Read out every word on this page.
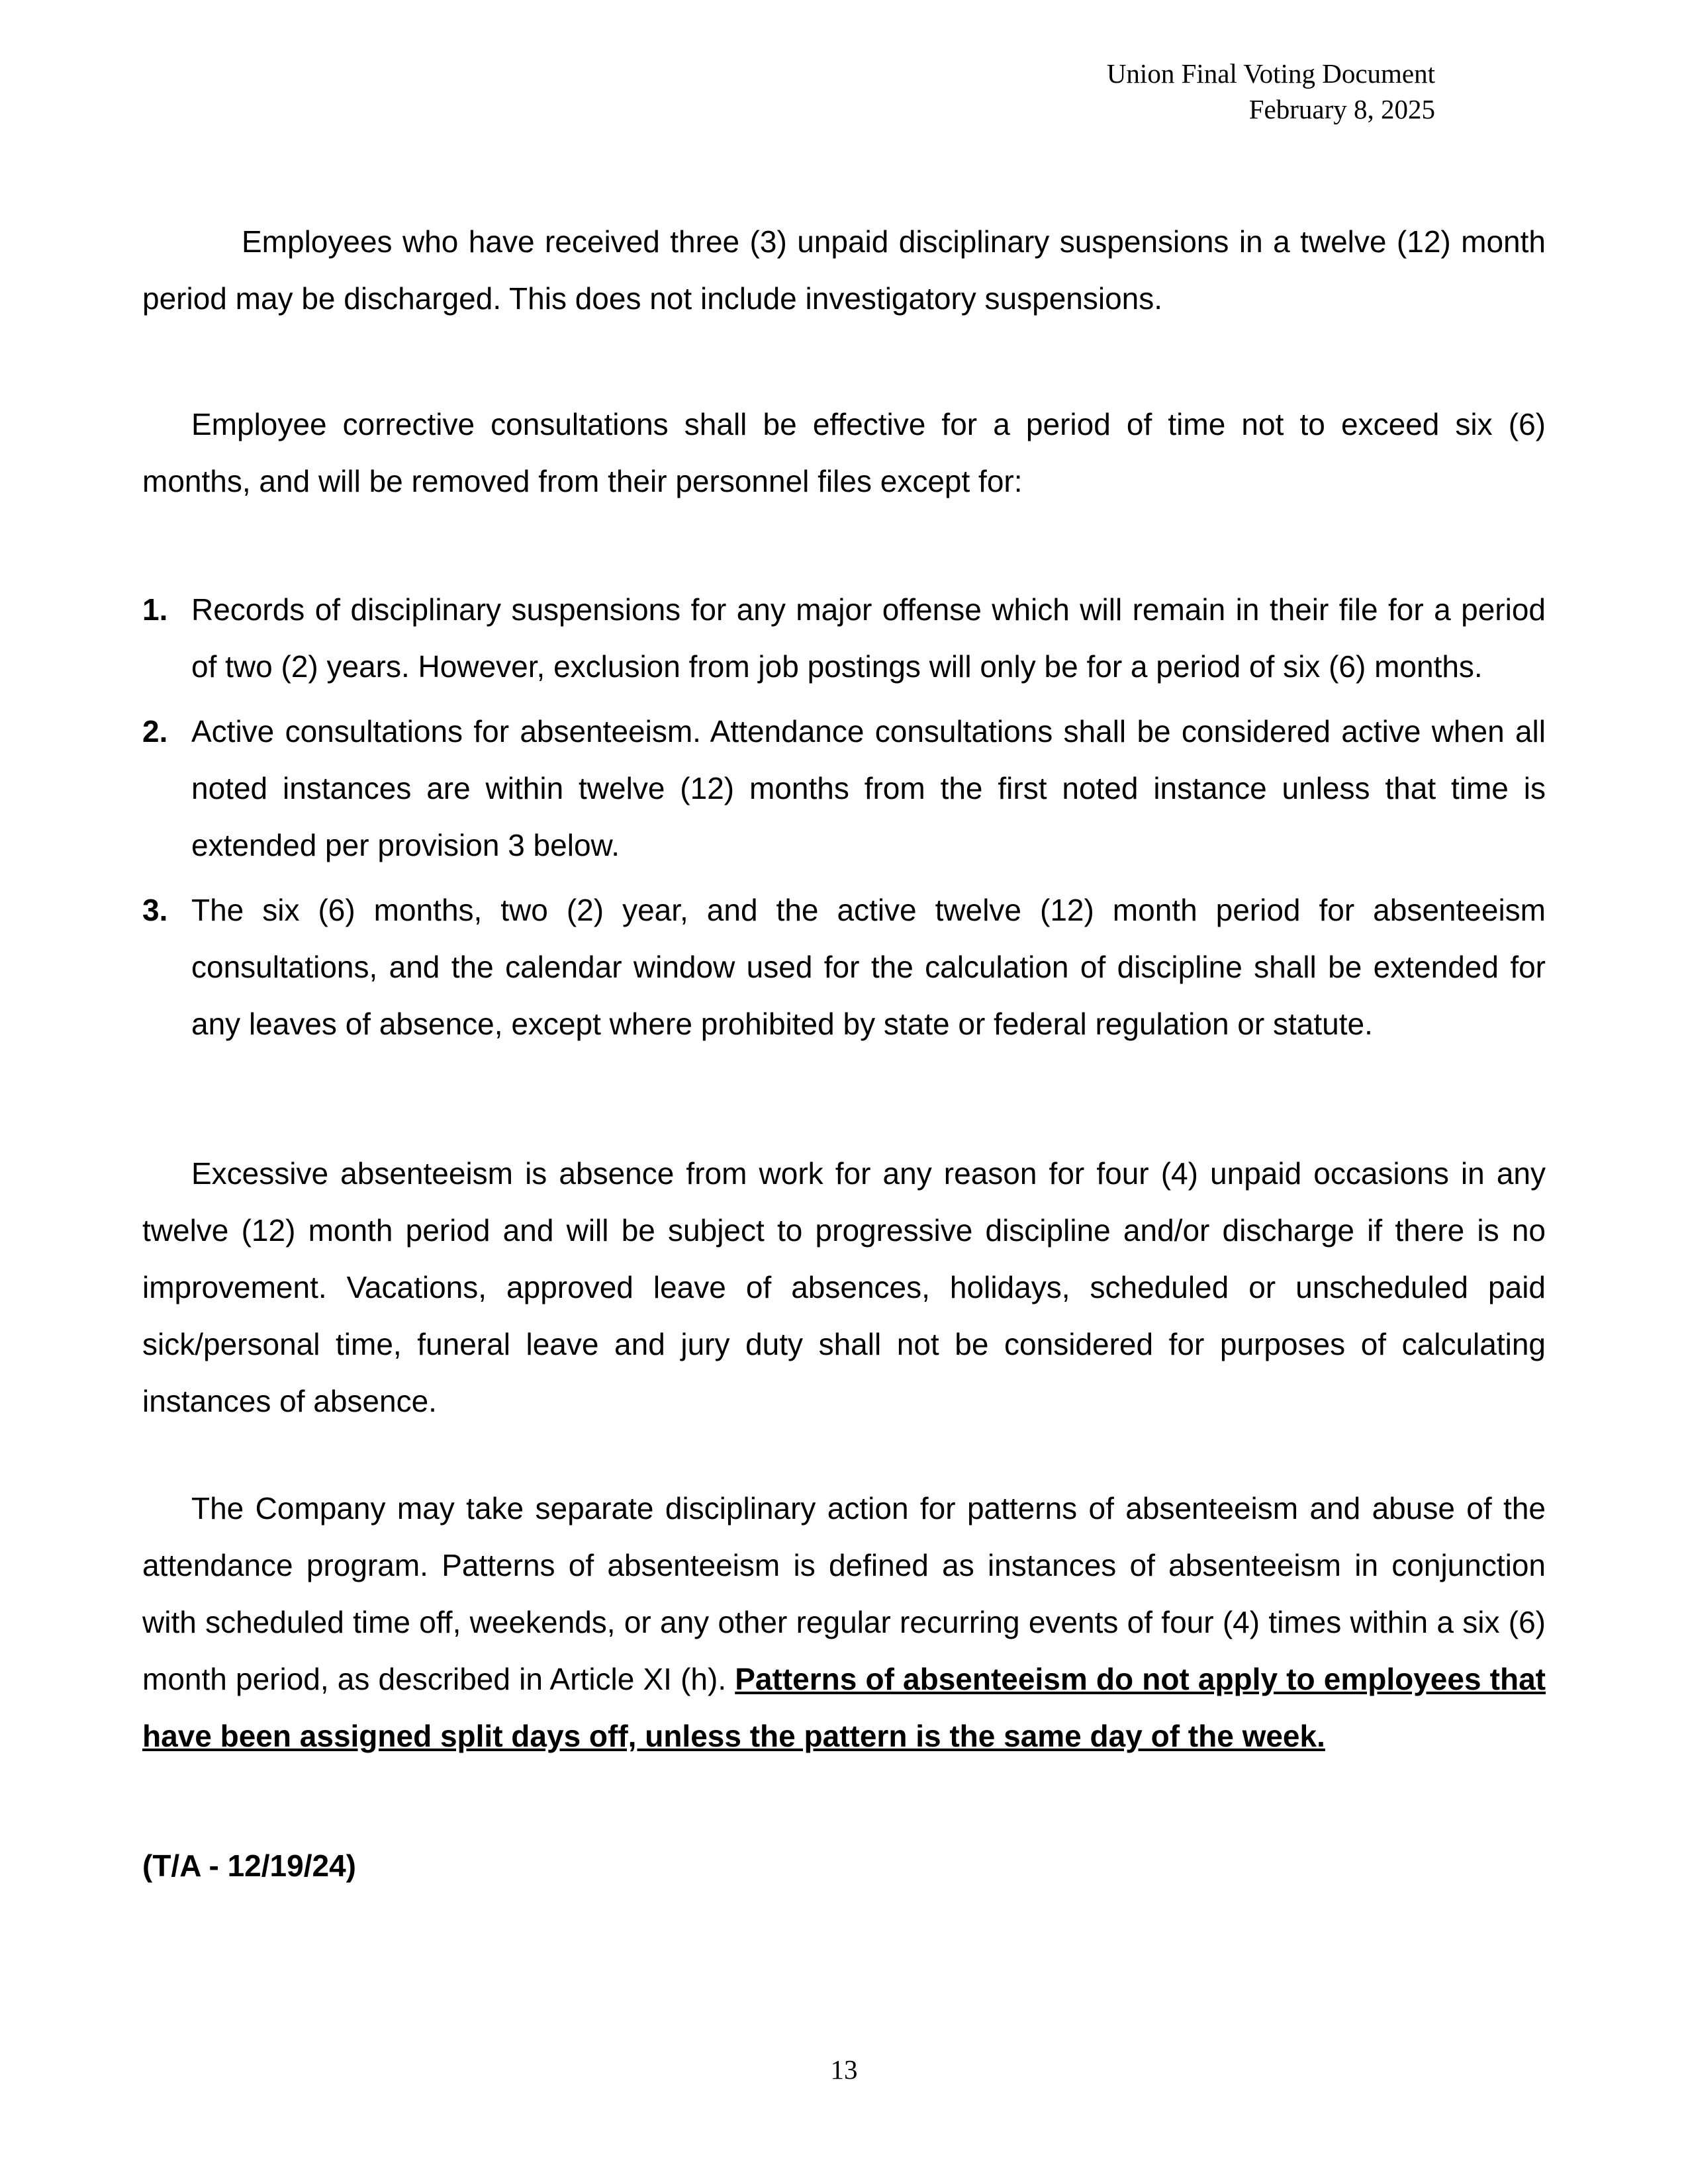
Union Final Voting Document
February 8, 2025

Employees who have received three (3) unpaid disciplinary suspensions in a twelve (12) month period may be discharged. This does not include investigatory suspensions.

Employee corrective consultations shall be effective for a period of time not to exceed six (6) months, and will be removed from their personnel files except for:

1. Records of disciplinary suspensions for any major offense which will remain in their file for a period of two (2) years. However, exclusion from job postings will only be for a period of six (6) months.
2. Active consultations for absenteeism. Attendance consultations shall be considered active when all noted instances are within twelve (12) months from the first noted instance unless that time is extended per provision 3 below.
3. The six (6) months, two (2) year, and the active twelve (12) month period for absenteeism consultations, and the calendar window used for the calculation of discipline shall be extended for any leaves of absence, except where prohibited by state or federal regulation or statute.

Excessive absenteeism is absence from work for any reason for four (4) unpaid occasions in any twelve (12) month period and will be subject to progressive discipline and/or discharge if there is no improvement. Vacations, approved leave of absences, holidays, scheduled or unscheduled paid sick/personal time, funeral leave and jury duty shall not be considered for purposes of calculating instances of absence.

The Company may take separate disciplinary action for patterns of absenteeism and abuse of the attendance program. Patterns of absenteeism is defined as instances of absenteeism in conjunction with scheduled time off, weekends, or any other regular recurring events of four (4) times within a six (6) month period, as described in Article XI (h). Patterns of absenteeism do not apply to employees that have been assigned split days off, unless the pattern is the same day of the week.

(T/A - 12/19/24)
13
